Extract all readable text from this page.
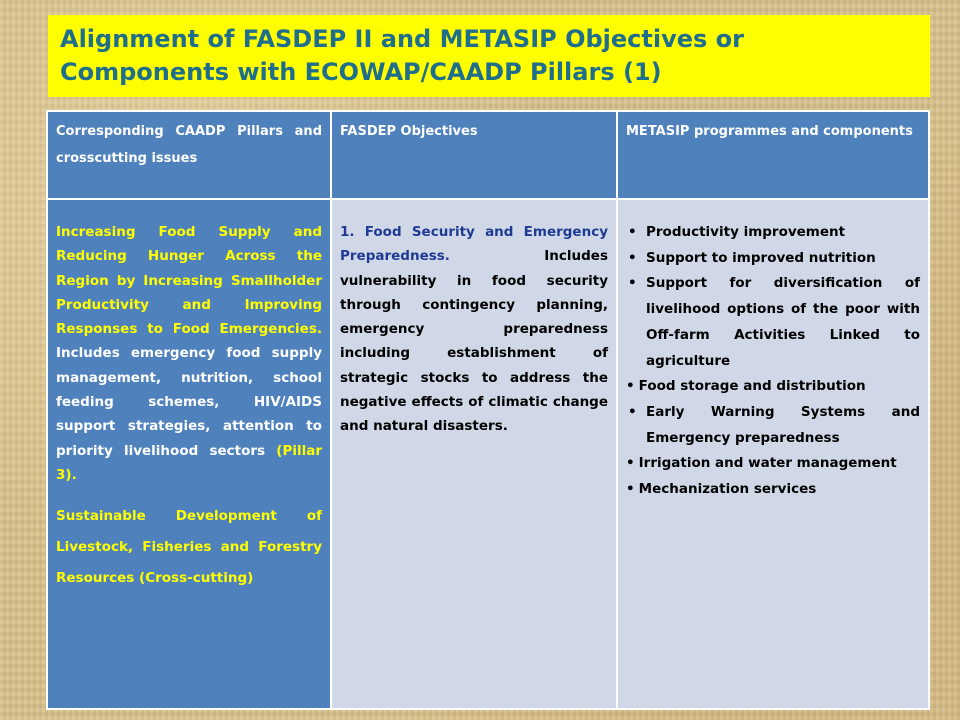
Alignment of FASDEP II and METASIP Objectives or Components with ECOWAP/CAADP Pillars (1)
Corresponding CAADP Pillars and crosscutting issues
FASDEP Objectives	METASIP programmes and components

Increasing Food Supply and Reducing Hunger Across the Region by Increasing Smallholder Productivity and Improving Responses to Food Emergencies. Includes emergency food supply management, nutrition, school feeding schemes, HIV/AIDS support strategies, attention to priority livelihood sectors (Pillar 3).

Sustainable Development of Livestock, Fisheries and Forestry Resources (Cross-cutting)

1. Food Security and Emergency Preparedness. Includes vulnerability in food security through contingency planning, emergency preparedness including establishment of strategic stocks to address the negative effects of climatic change and natural disasters.

• Productivity improvement
• Support to improved nutrition
• Support for diversification of livelihood options of the poor with Off-farm Activities Linked to agriculture
• Food storage and distribution
• Early Warning Systems and Emergency preparedness
• Irrigation and water management
• Mechanization services
